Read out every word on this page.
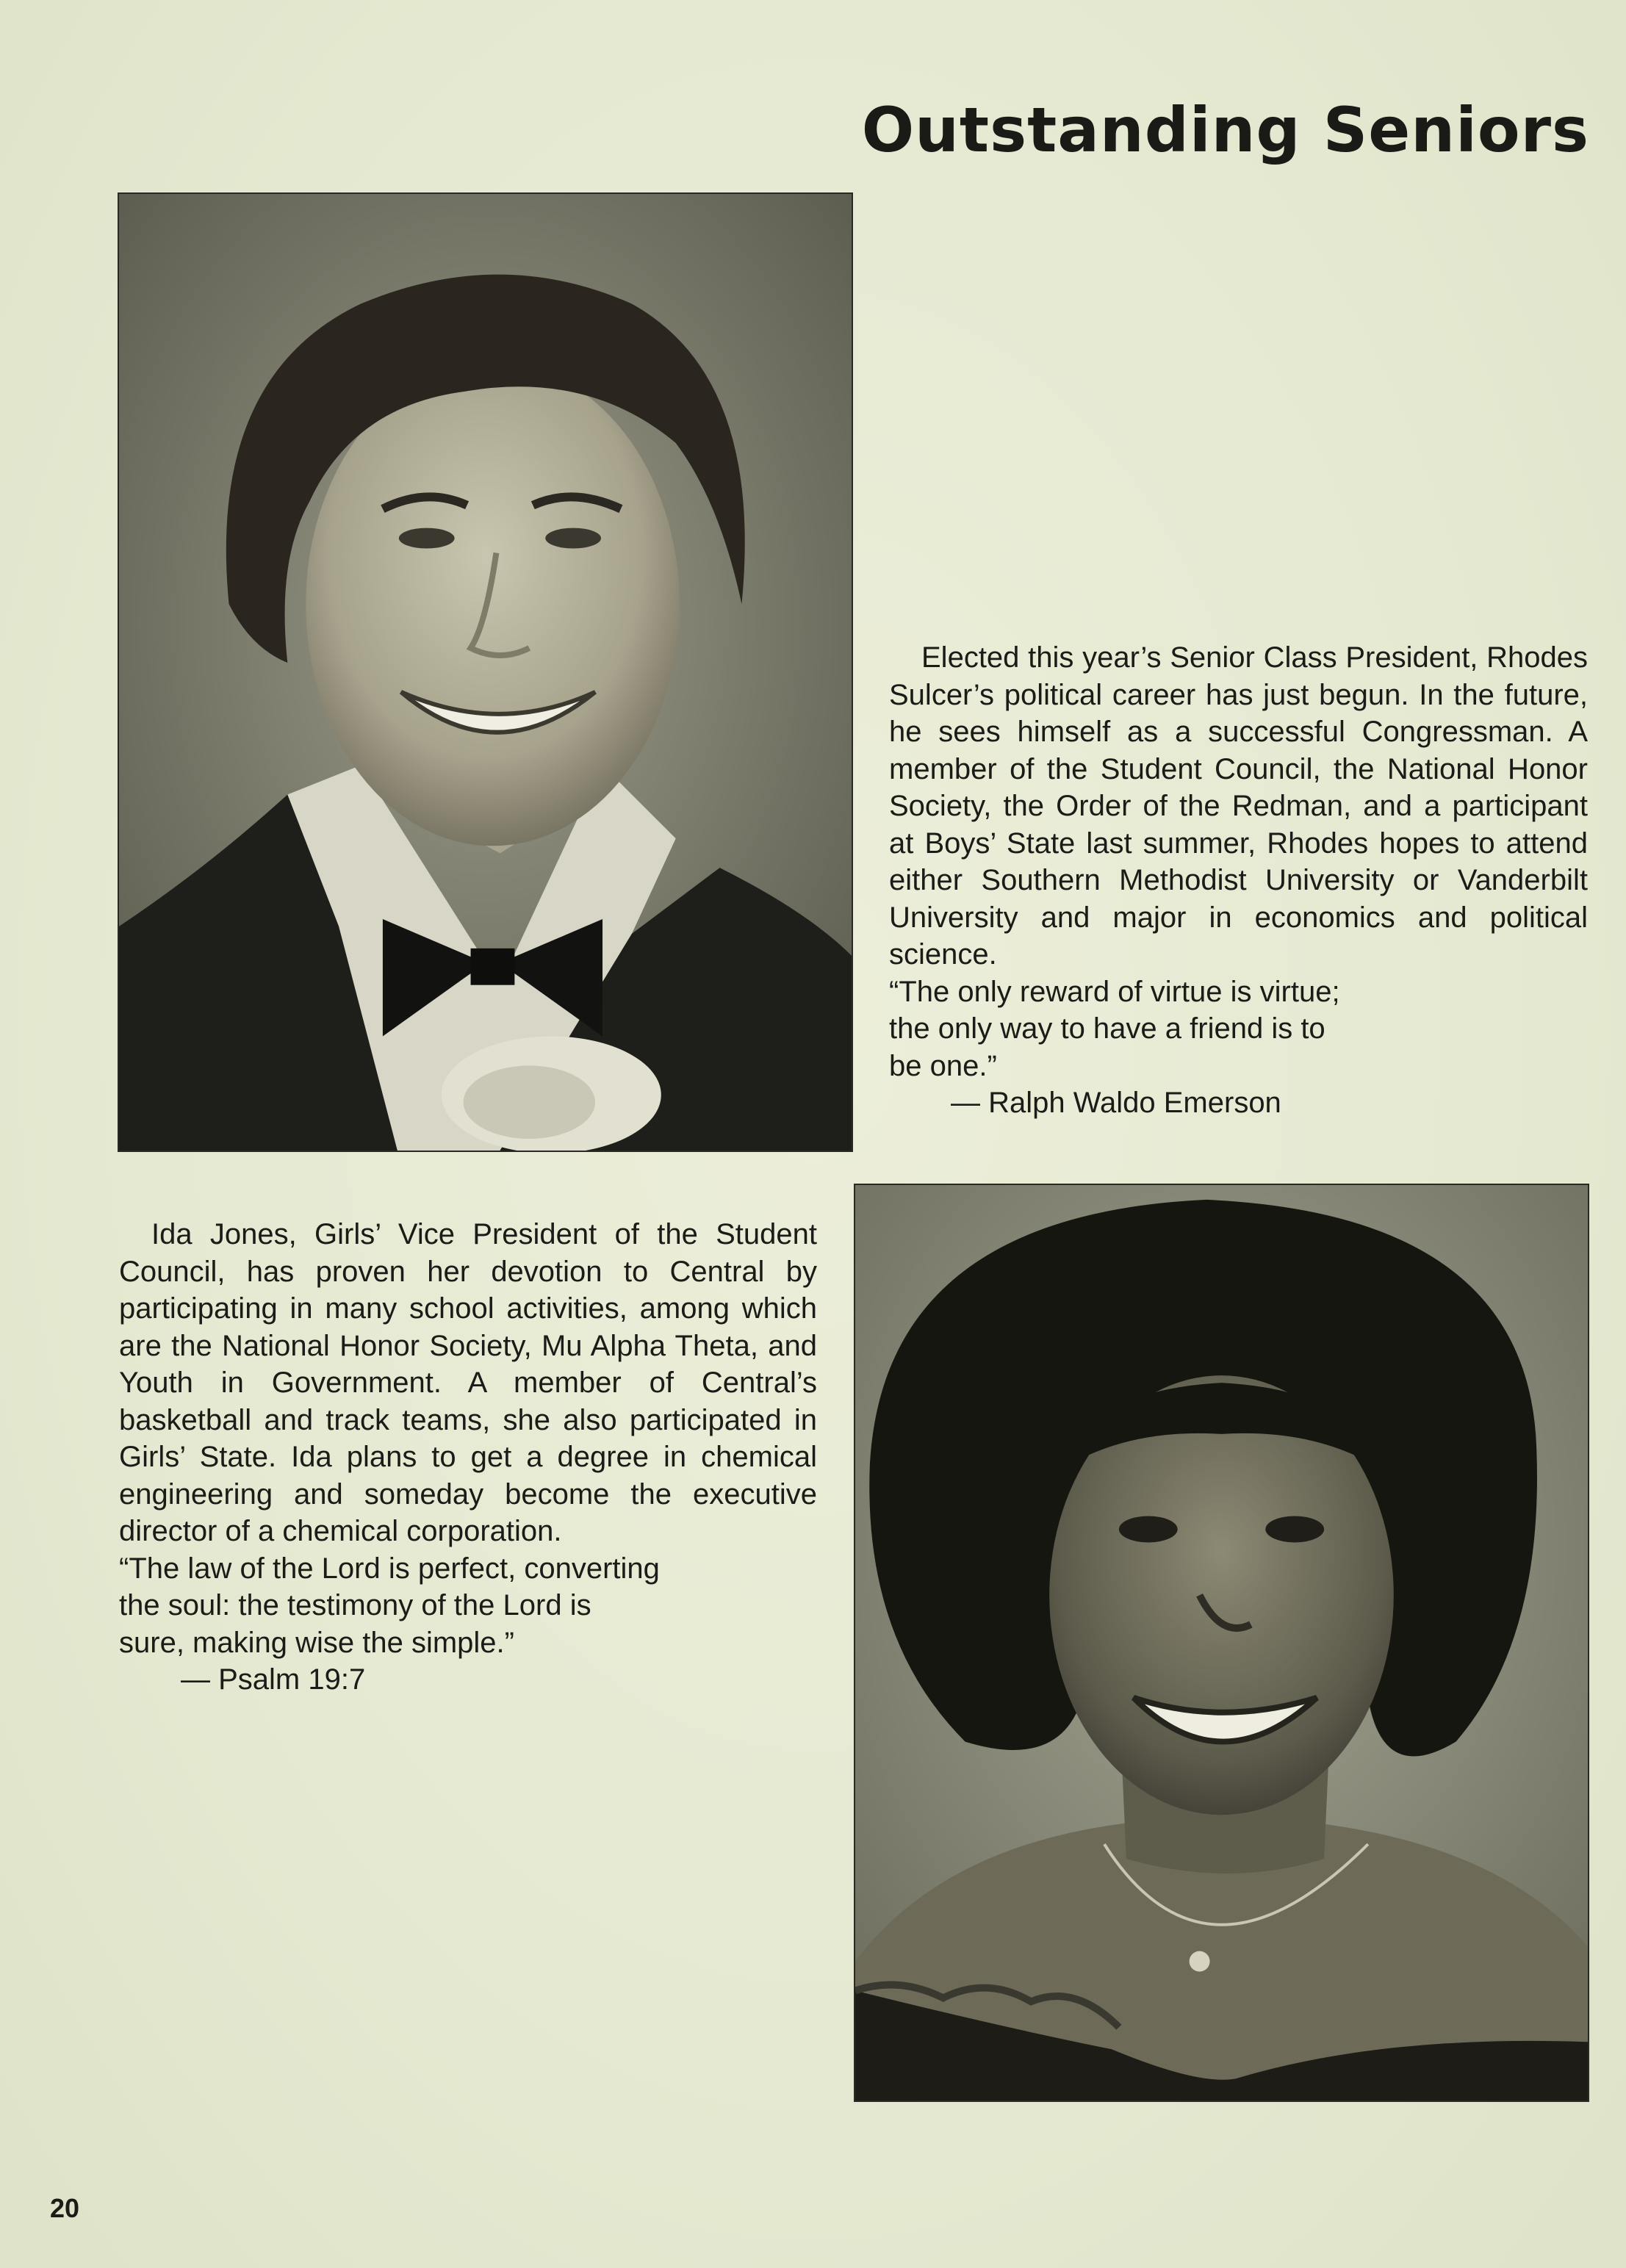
Outstanding Seniors

Elected this year’s Senior Class President, Rhodes Sulcer’s political career has just begun. In the future, he sees himself as a successful Congressman. A member of the Student Council, the National Honor Society, the Order of the Redman, and a participant at Boys’ State last summer, Rhodes hopes to attend either Southern Methodist University or Vanderbilt University and major in economics and political science.

“The only reward of virtue is virtue;

the only way to have a friend is to

be one.”

— Ralph Waldo Emerson

Ida Jones, Girls’ Vice President of the Student Council, has proven her devotion to Central by participating in many school activities, among which are the National Honor Society, Mu Alpha Theta, and Youth in Government. A member of Central’s basketball and track teams, she also participated in Girls’ State. Ida plans to get a degree in chemical engineering and someday become the executive director of a chemical corporation.

“The law of the Lord is perfect, converting

the soul: the testimony of the Lord is

sure, making wise the simple.”

— Psalm 19:7

20
